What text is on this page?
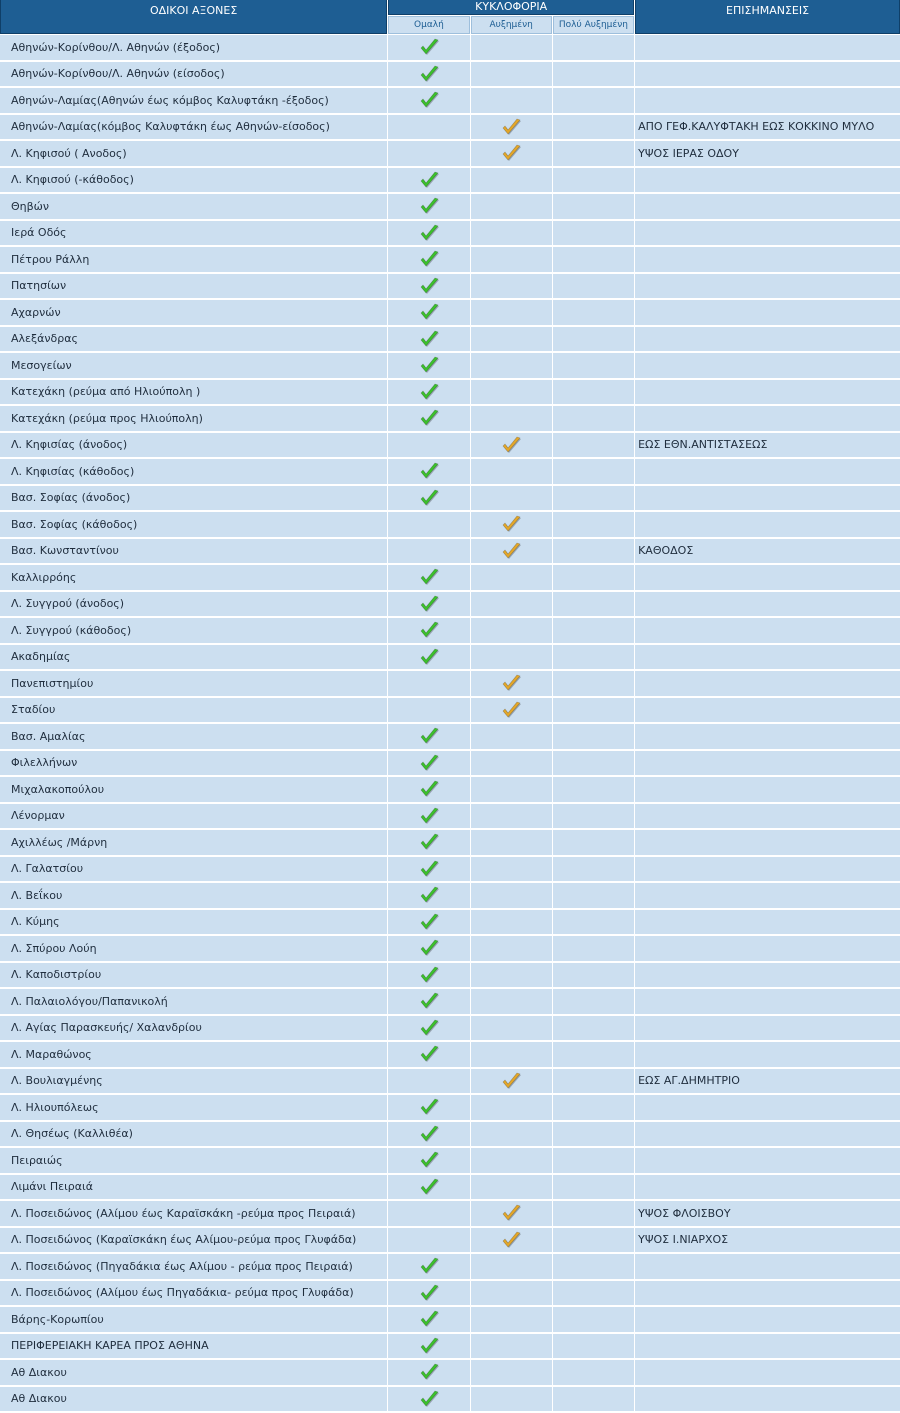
ΟΔΙΚΟΙ ΑΞΟΝΕΣ	ΚΥΚΛΟΦΟΡΙΑ			ΕΠΙΣΗΜΑΝΣΕΙΣ
	Ομαλή	Αυξημένη	Πολύ Αυξημένη	
Αθηνών-Κορίνθου/Λ. Αθηνών (έξοδος)				
Αθηνών-Κορίνθου/Λ. Αθηνών (είσοδος)				
Αθηνών-Λαμίας(Αθηνών έως κόμβος Καλυφτάκη -έξοδος)				
Αθηνών-Λαμίας(κόμβος Καλυφτάκη έως Αθηνών-είσοδος)				ΑΠΟ ΓΕΦ.ΚΑΛΥΦΤΑΚΗ ΕΩΣ ΚΟΚΚΙΝΟ ΜΥΛΟ
Λ. Κηφισού ( Ανοδος)				ΥΨΟΣ ΙΕΡΑΣ ΟΔΟΥ
Λ. Κηφισού (-κάθοδος)				
Θηβών				
Ιερά Οδός				
Πέτρου Ράλλη				
Πατησίων				
Αχαρνών				
Αλεξάνδρας				
Μεσογείων				
Κατεχάκη (ρεύμα από Ηλιούπολη )				
Κατεχάκη (ρεύμα προς Ηλιούπολη)				
Λ. Κηφισίας (άνοδος)				ΕΩΣ ΕΘΝ.ΑΝΤΙΣΤΑΣΕΩΣ
Λ. Κηφισίας (κάθοδος)				
Βασ. Σοφίας (άνοδος)				
Βασ. Σοφίας (κάθοδος)				
Βασ. Κωνσταντίνου				ΚΑΘΟΔΟΣ
Καλλιρρόης				
Λ. Συγγρού (άνοδος)				
Λ. Συγγρού (κάθοδος)				
Ακαδημίας				
Πανεπιστημίου				
Σταδίου				
Βασ. Αμαλίας				
Φιλελλήνων				
Μιχαλακοπούλου				
Λένορμαν				
Αχιλλέως /Μάρνη				
Λ. Γαλατσίου				
Λ. Βεΐκου				
Λ. Κύμης				
Λ. Σπύρου Λούη				
Λ. Καποδιστρίου				
Λ. Παλαιολόγου/Παπανικολή				
Λ. Αγίας Παρασκευής/ Χαλανδρίου				
Λ. Μαραθώνος				
Λ. Βουλιαγμένης				ΕΩΣ ΑΓ.ΔΗΜΗΤΡΙΟ
Λ. Ηλιουπόλεως				
Λ. Θησέως (Καλλιθέα)				
Πειραιώς				
Λιμάνι Πειραιά				
Λ. Ποσειδώνος (Αλίμου έως Καραϊσκάκη -ρεύμα προς Πειραιά)				ΥΨΟΣ ΦΛΟΙΣΒΟΥ
Λ. Ποσειδώνος (Καραϊσκάκη έως Αλίμου-ρεύμα προς Γλυφάδα)				ΥΨΟΣ Ι.ΝΙΑΡΧΟΣ
Λ. Ποσειδώνος (Πηγαδάκια έως Αλίμου - ρεύμα προς Πειραιά)				
Λ. Ποσειδώνος (Αλίμου έως Πηγαδάκια- ρεύμα προς Γλυφάδα)				
Βάρης-Κορωπίου				
ΠΕΡΙΦΕΡΕΙΑΚΗ ΚΑΡΕΑ ΠΡΟΣ ΑΘΗΝΑ				
Αθ Διακου				
Αθ Διακου				
